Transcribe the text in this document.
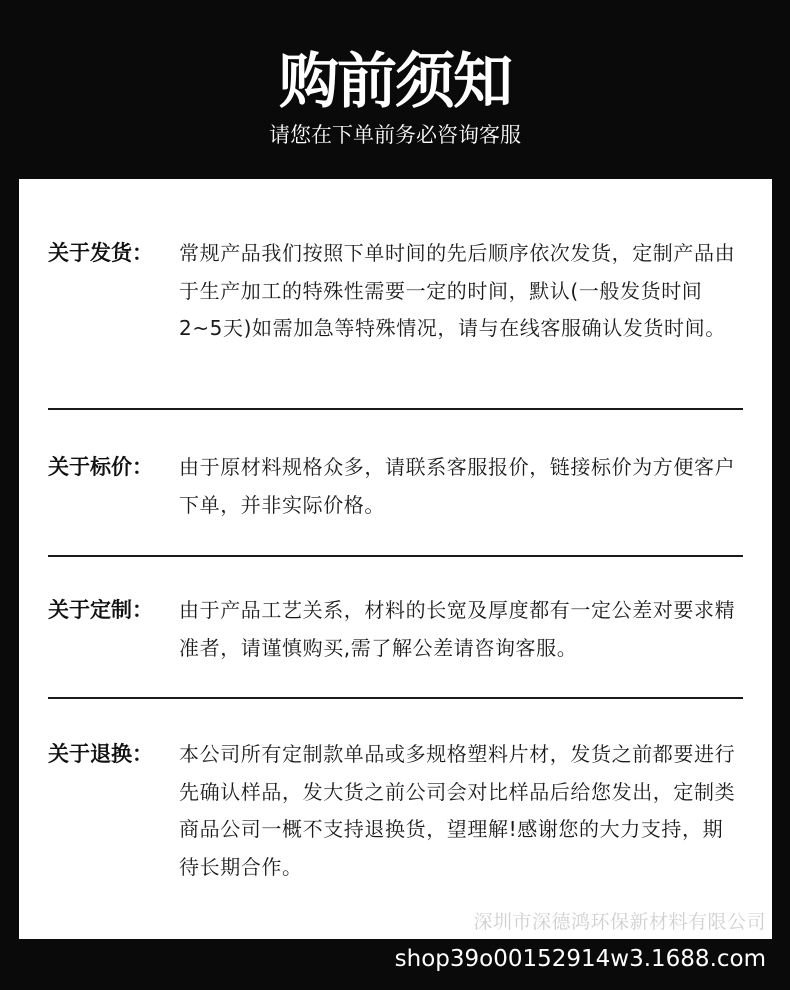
购前须知
请您在下单前务必咨询客服
关于发货： 常规产品我们按照下单时间的先后顺序依次发货，定制产品由于生产加工的特殊性需要一定的时间，默认(一般发货时间2~5天)如需加急等特殊情况，请与在线客服确认发货时间。
关于标价： 由于原材料规格众多，请联系客服报价，链接标价为方便客户下单，并非实际价格。
关于定制： 由于产品工艺关系，材料的长宽及厚度都有一定公差对要求精准者，请谨慎购买,需了解公差请咨询客服。
关于退换： 本公司所有定制款单品或多规格塑料片材，发货之前都要进行先确认样品，发大货之前公司会对比样品后给您发出，定制类商品公司一概不支持退换货，望理解!感谢您的大力支持，期待长期合作。
深圳市深德鸿环保新材料有限公司
shop39o00152914w3.1688.com
